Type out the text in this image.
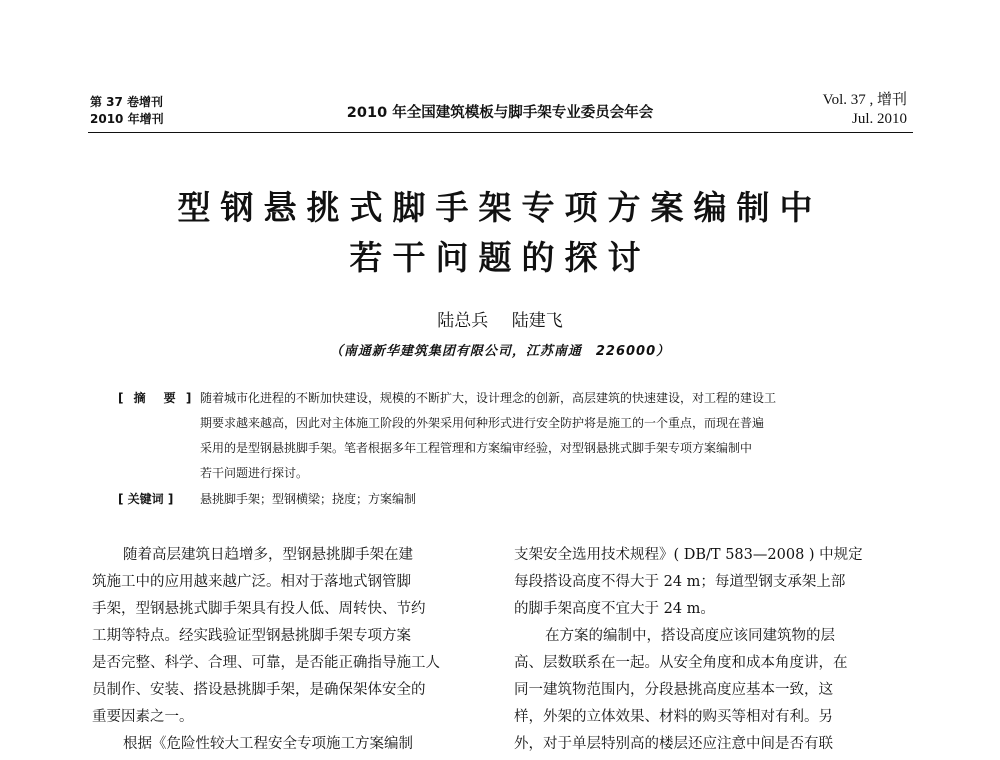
第 37 卷增刊
2010 年增刊	2010 年全国建筑模板与脚手架专业委员会年会
Vol. 37 , 增刊
Jul. 2010
型钢悬挑式脚手架专项方案编制中
若干问题的探讨
陆总兵 陆建飞
（南通新华建筑集团有限公司，江苏南通　226000）
[ 摘　要 ] 随着城市化进程的不断加快建设，规模的不断扩大，设计理念的创新，高层建筑的快速建设，对工程的建设工
期要求越来越高，因此对主体施工阶段的外架采用何种形式进行安全防护将是施工的一个重点，而现在普遍
采用的是型钢悬挑脚手架。笔者根据多年工程管理和方案编审经验，对型钢悬挑式脚手架专项方案编制中
若干问题进行探讨。
[ 关键词 ] 悬挑脚手架；型钢横梁；挠度；方案编制
随着高层建筑日趋增多，型钢悬挑脚手架在建
筑施工中的应用越来越广泛。相对于落地式钢管脚
手架，型钢悬挑式脚手架具有投人低、周转快、节约
工期等特点。经实践验证型钢悬挑脚手架专项方案
是否完整、科学、合理、可靠，是否能正确指导施工人
员制作、安装、搭设悬挑脚手架，是确保架体安全的
重要因素之一。
根据《危险性较大工程安全专项施工方案编制
支架安全选用技术规程》( DB/T 583—2008 ) 中规定
每段搭设高度不得大于 24 m；每道型钢支承架上部
的脚手架高度不宜大于 24 m。
在方案的编制中，搭设高度应该同建筑物的层
高、层数联系在一起。从安全角度和成本角度讲，在
同一建筑物范围内，分段悬挑高度应基本一致，这
样，外架的立体效果、材料的购买等相对有利。另
外，对于单层特别高的楼层还应注意中间是否有联
